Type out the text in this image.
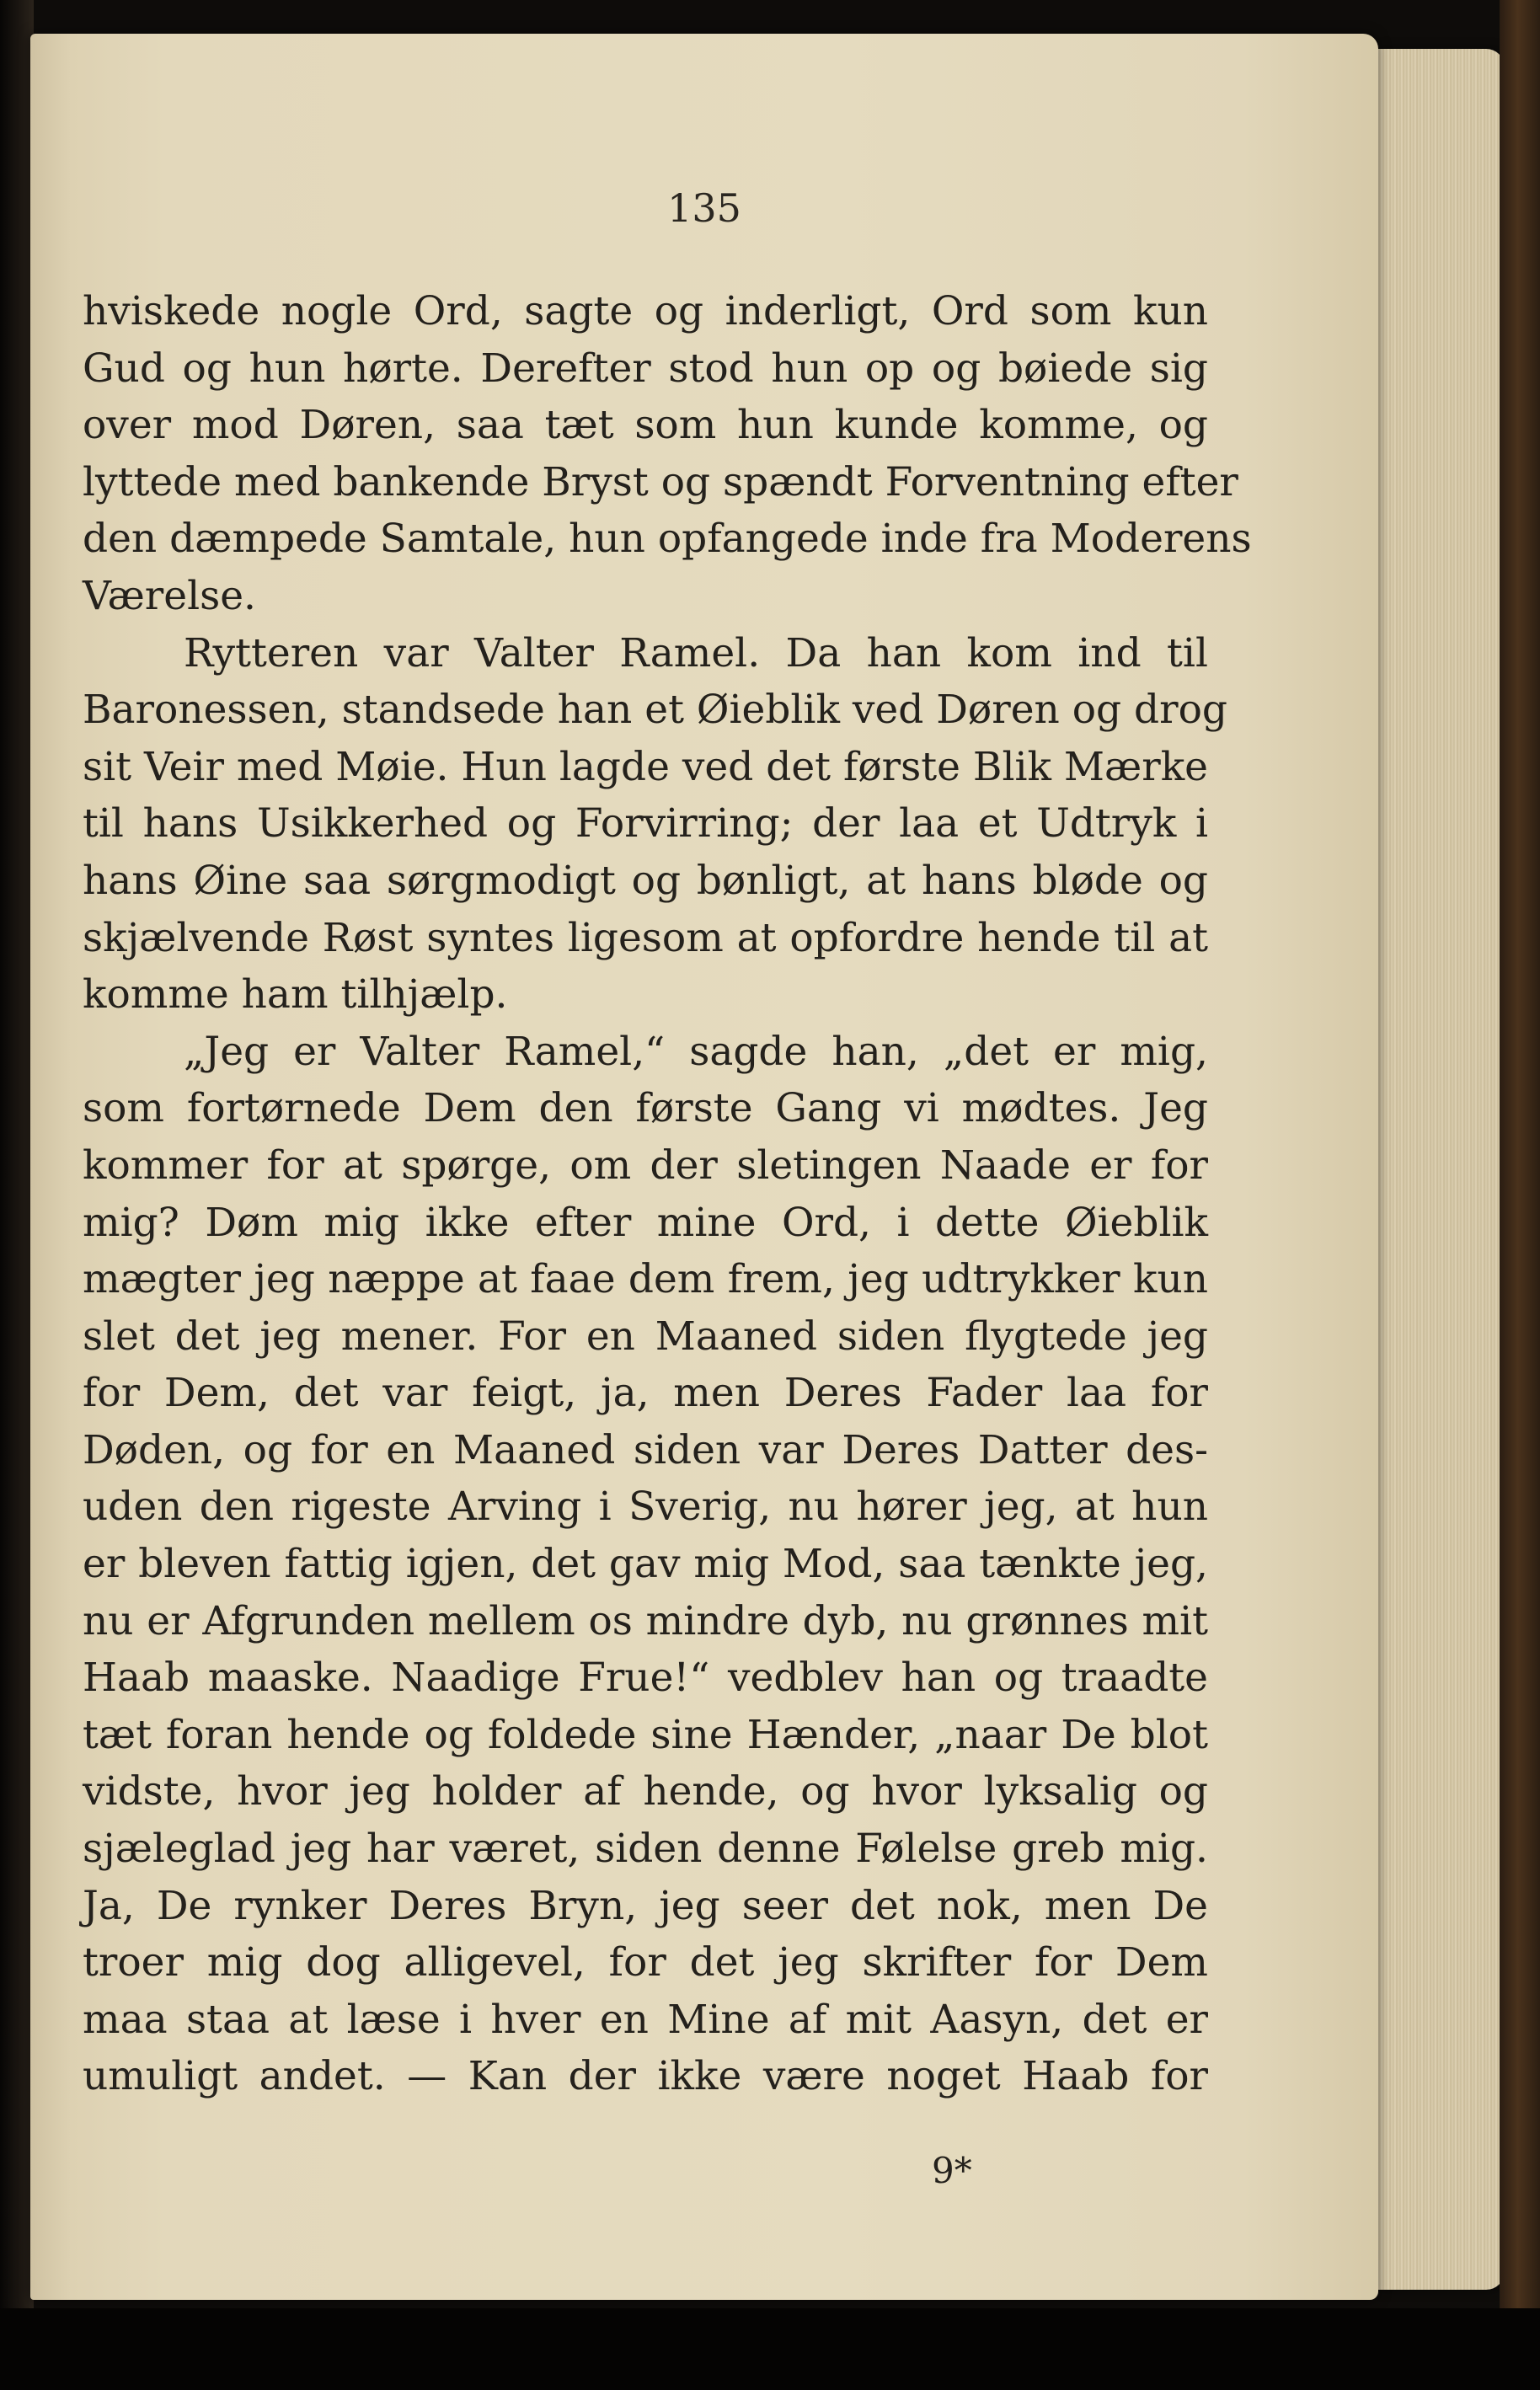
135

hviskede nogle Ord, sagte og inderligt, Ord som kun
Gud og hun hørte. Derefter stod hun op og bøiede sig
over mod Døren, saa tæt som hun kunde komme, og
lyttede med bankende Bryst og spændt Forventning efter
den dæmpede Samtale, hun opfangede inde fra Moderens
Værelse.
Rytteren var Valter Ramel. Da han kom ind til
Baronessen, standsede han et Øieblik ved Døren og drog
sit Veir med Møie. Hun lagde ved det første Blik Mærke
til hans Usikkerhed og Forvirring; der laa et Udtryk i
hans Øine saa sørgmodigt og bønligt, at hans bløde og
skjælvende Røst syntes ligesom at opfordre hende til at
komme ham tilhjælp.
„Jeg er Valter Ramel,“ sagde han, „det er mig,
som fortørnede Dem den første Gang vi mødtes. Jeg
kommer for at spørge, om der sletingen Naade er for
mig? Døm mig ikke efter mine Ord, i dette Øieblik
mægter jeg næppe at faae dem frem, jeg udtrykker kun
slet det jeg mener. For en Maaned siden flygtede jeg
for Dem, det var feigt, ja, men Deres Fader laa for
Døden, og for en Maaned siden var Deres Datter des-
uden den rigeste Arving i Sverig, nu hører jeg, at hun
er bleven fattig igjen, det gav mig Mod, saa tænkte jeg,
nu er Afgrunden mellem os mindre dyb, nu grønnes mit
Haab maaske. Naadige Frue!“ vedblev han og traadte
tæt foran hende og foldede sine Hænder, „naar De blot
vidste, hvor jeg holder af hende, og hvor lyksalig og
sjæleglad jeg har været, siden denne Følelse greb mig.
Ja, De rynker Deres Bryn, jeg seer det nok, men De
troer mig dog alligevel, for det jeg skrifter for Dem
maa staa at læse i hver en Mine af mit Aasyn, det er
umuligt andet. — Kan der ikke være noget Haab for

9*
